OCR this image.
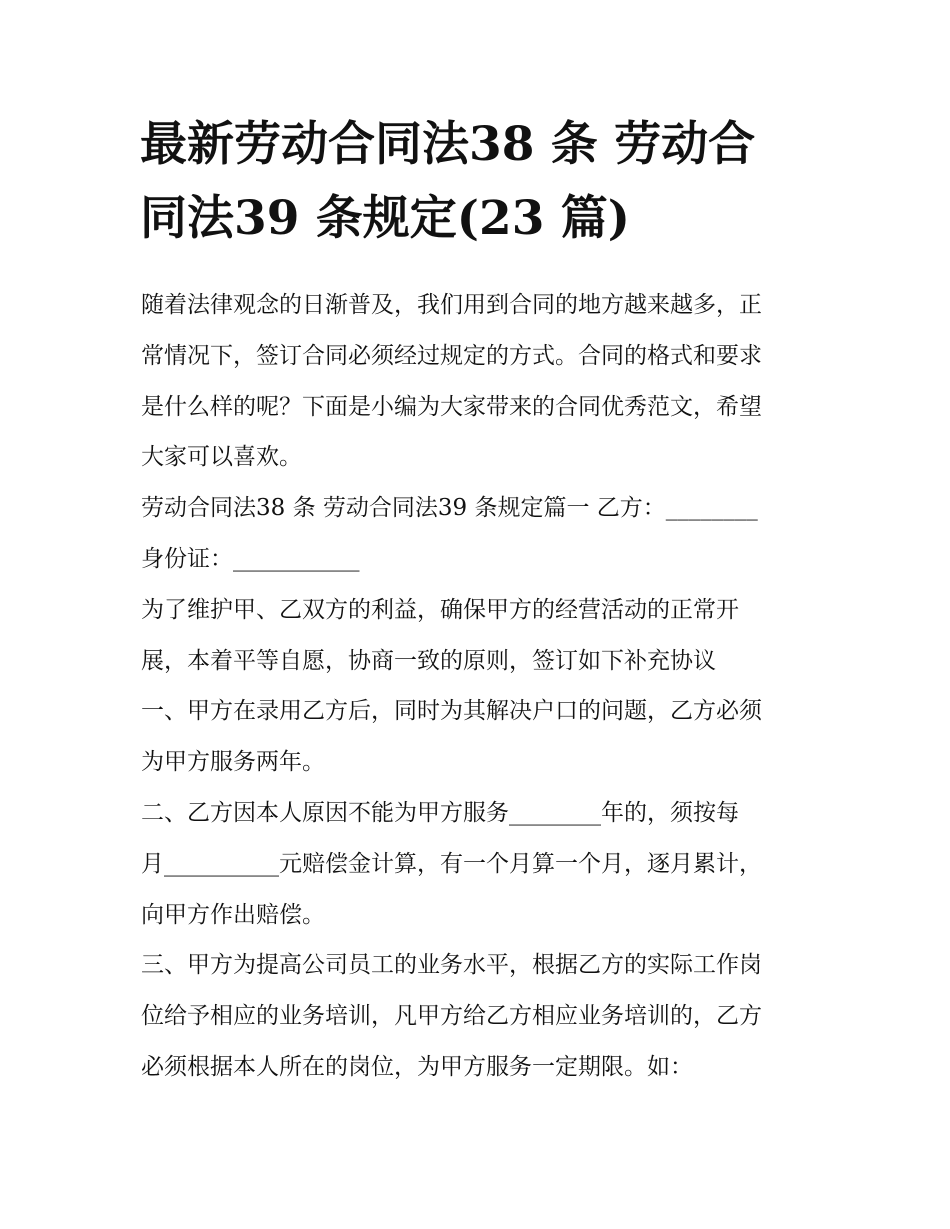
最新劳动合同法38 条 劳动合
同法39 条规定(23 篇)

随着法律观念的日渐普及，我们用到合同的地方越来越多，正
常情况下，签订合同必须经过规定的方式。合同的格式和要求
是什么样的呢？下面是小编为大家带来的合同优秀范文，希望
大家可以喜欢。

劳动合同法38 条 劳动合同法39 条规定篇一 乙方：________
身份证：___________

为了维护甲、乙双方的利益，确保甲方的经营活动的正常开
展，本着平等自愿，协商一致的原则，签订如下补充协议

一、甲方在录用乙方后，同时为其解决户口的问题，乙方必须
为甲方服务两年。

二、乙方因本人原因不能为甲方服务________年的，须按每
月__________元赔偿金计算，有一个月算一个月，逐月累计，
向甲方作出赔偿。

三、甲方为提高公司员工的业务水平，根据乙方的实际工作岗
位给予相应的业务培训，凡甲方给乙方相应业务培训的，乙方
必须根据本人所在的岗位，为甲方服务一定期限。如：
